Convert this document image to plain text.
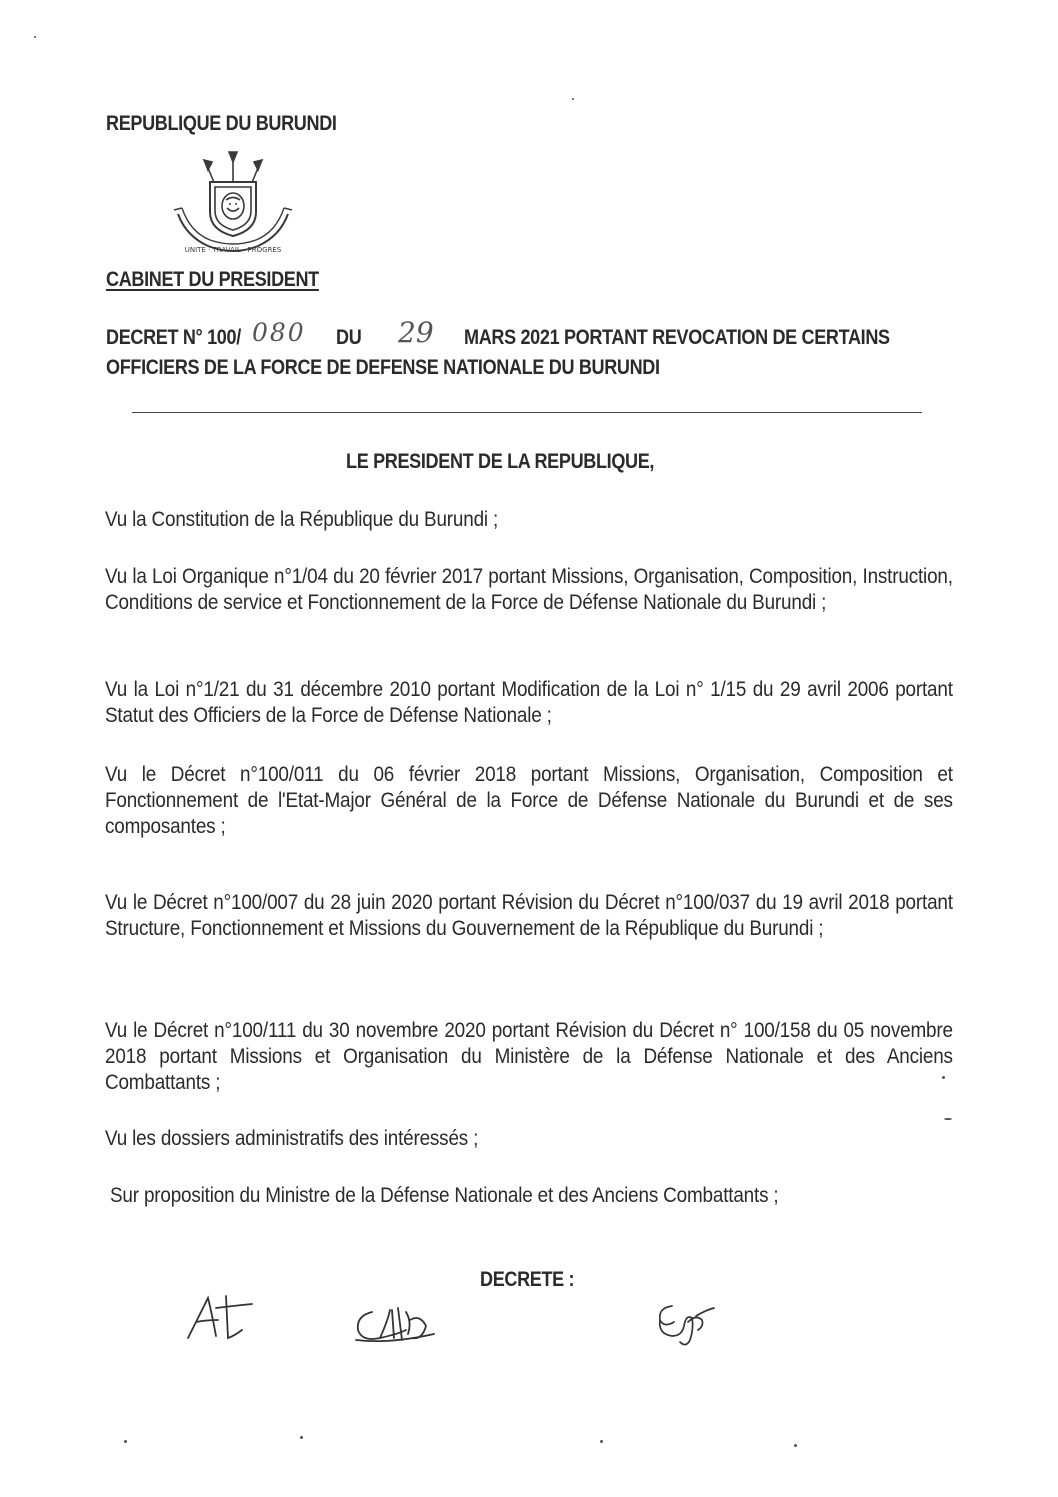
REPUBLIQUE DU BURUNDI
UNITE · TRAVAIL · PROGRES
CABINET DU PRESIDENT
DECRET N° 100/ 080 DU 29 MARS 2021 PORTANT REVOCATION DE CERTAINS
OFFICIERS DE LA FORCE DE DEFENSE NATIONALE DU BURUNDI
LE PRESIDENT DE LA REPUBLIQUE,
Vu la Constitution de la République du Burundi ;
Vu la Loi Organique n°1/04 du 20 février 2017 portant Missions, Organisation, Composition, Instruction, Conditions de service et Fonctionnement de la Force de Défense Nationale du Burundi ;
Vu la Loi n°1/21 du 31 décembre 2010 portant Modification de la Loi n° 1/15 du 29 avril 2006 portant Statut des Officiers de la Force de Défense Nationale ;
Vu le Décret n°100/011 du 06 février 2018 portant Missions, Organisation, Composition et Fonctionnement de l'Etat-Major Général de la Force de Défense Nationale du Burundi et de ses composantes ;
Vu le Décret n°100/007 du 28 juin 2020 portant Révision du Décret n°100/037 du 19 avril 2018 portant Structure, Fonctionnement et Missions du Gouvernement de la République du Burundi ;
Vu le Décret n°100/111 du 30 novembre 2020 portant Révision du Décret n° 100/158 du 05 novembre 2018 portant Missions et Organisation du Ministère de la Défense Nationale et des Anciens Combattants ;
Vu les dossiers administratifs des intéressés ;
Sur proposition du Ministre de la Défense Nationale et des Anciens Combattants ;
DECRETE :
